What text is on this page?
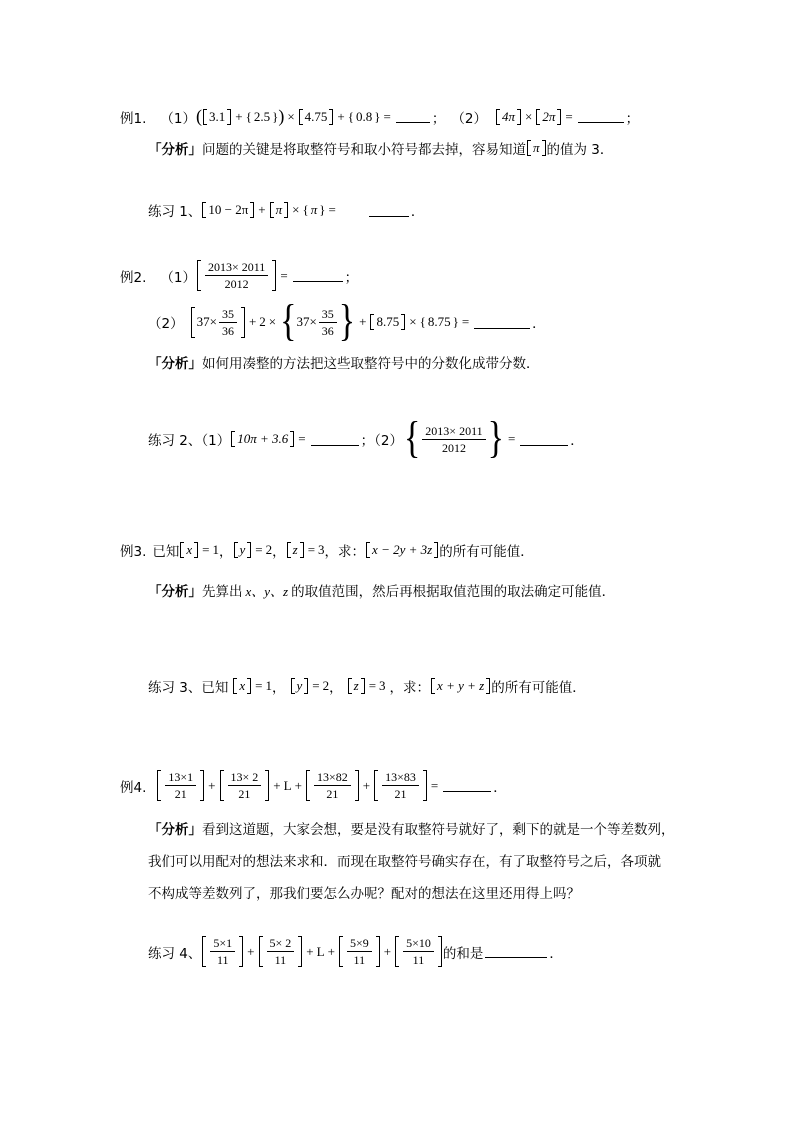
例1. （1） ( 3.1 + { 2.5 } ) × 4.75 + { 0.8 } =	； （2） 4π × 2π =	；
「分析」 问题的关键是将取整符号和取小符号都去掉，容易知道 π 的值为 3．
练习 1、 10 − 2π + π × { π } =	．
例2. $(1) \frac{2013\times 2011}{2012}$ =	；
（2） $37\times \frac{35}{36} + 2$ × { $37\times \frac{35}{36}$ } + 8.75 × { 8.75 } =	．
「分析」 如何用凑整的方法把这些取整符号中的分数化成带分数．
练习 2、（1） 10π + 3.6 =	；（2） { $\frac{2013\times 2011}{2012}$ } =	．
例3. 已知 x = 1 ， y = 2 ， z = 3 ，求： x − 2y + 3z 的所有可能值．
「分析」 先算出 x、y、z 的取值范围，然后再根据取值范围的取法确定可能值．
练习 3、已知 x = 1 ， y = 2 ， z = 3 ，求： x + y + z 的所有可能值．
例4. $\frac{13\times 1}{21} + \frac{13\times 2}{21} + L + \frac{13\times 82}{21} + \frac{13\times 83}{21}$ =	．
「分析」看到这道题，大家会想，要是没有取整符号就好了，剩下的就是一个等差数列，
我们可以用配对的想法来求和．而现在取整符号确实存在，有了取整符号之后，各项就
不构成等差数列了，那我们要怎么办呢？配对的想法在这里还用得上吗？
练习 4、 $\frac{5\times 1}{11} + \frac{5\times 2}{11} + L + \frac{5\times 9}{11} + \frac{5\times 10}{11}$ 的和是	．
